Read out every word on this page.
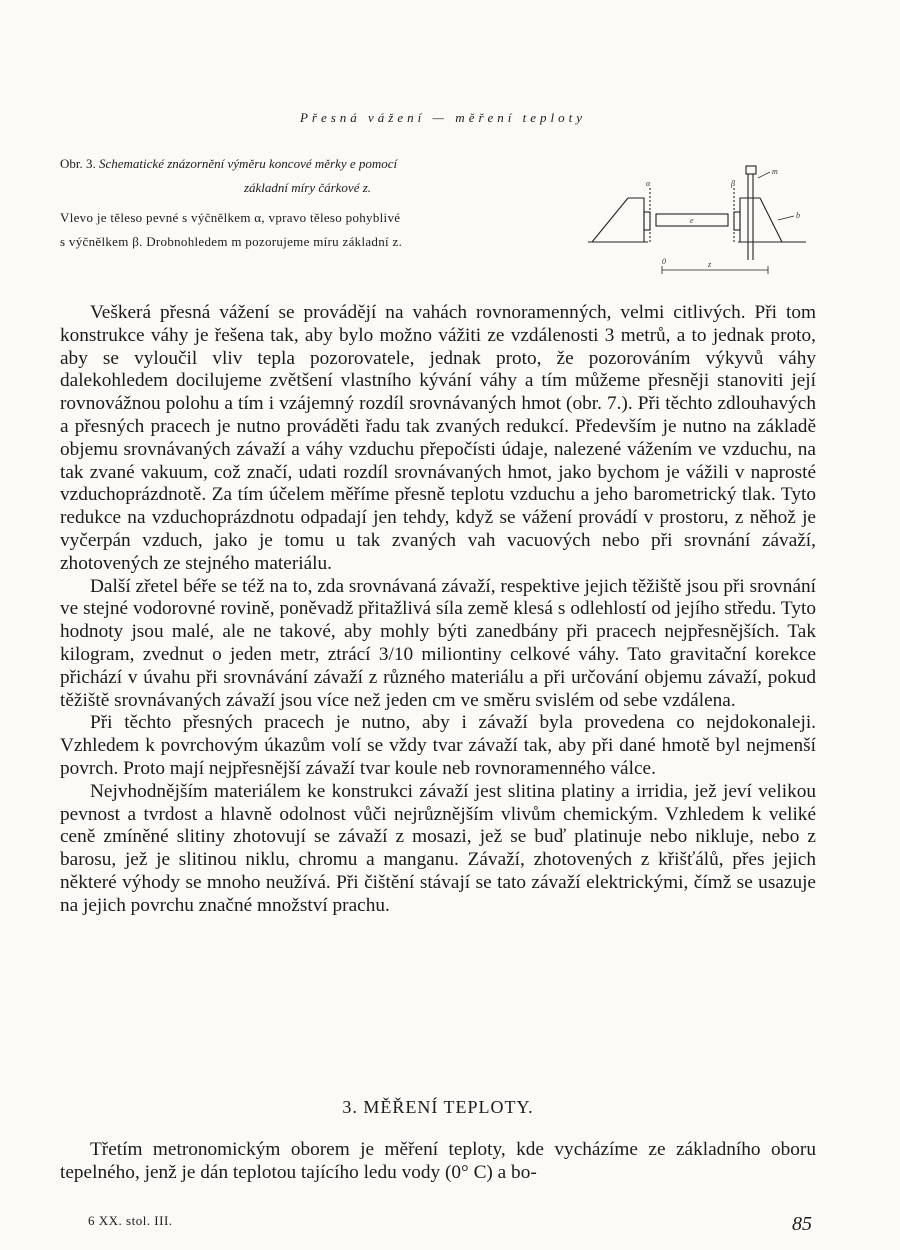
Přesná vážení — měření teploty
Obr. 3. Schematické znázornění výměru koncové měrky e pomocí
základní míry čárkové z.
Vlevo je těleso pevné s výčnělkem α, vpravo těleso pohyblivé
s výčnělkem β. Drobnohledem m pozorujeme míru základní z.
α	β
m
b
e
0	z

Veškerá přesná vážení se provádějí na vahách rovnoramenných, velmi citlivých. Při tom konstrukce váhy je řešena tak, aby bylo možno vážiti ze vzdálenosti 3 metrů, a to jednak proto, aby se vyloučil vliv tepla pozorovatele, jednak proto, že pozorováním výkyvů váhy dalekohledem docilujeme zvětšení vlastního kývání váhy a tím můžeme přesněji stanoviti její rovnovážnou polohu a tím i vzájemný rozdíl srovnávaných hmot (obr. 7.). Při těchto zdlouhavých a přesných pracech je nutno prováděti řadu tak zvaných redukcí. Především je nutno na základě objemu srovnávaných závaží a váhy vzduchu přepočísti údaje, nalezené vážením ve vzduchu, na tak zvané vakuum, což značí, udati rozdíl srovnávaných hmot, jako bychom je vážili v naprosté vzduchoprázdnotě. Za tím účelem měříme přesně teplotu vzduchu a jeho barometrický tlak. Tyto redukce na vzduchoprázdnotu odpadají jen tehdy, když se vážení provádí v prostoru, z něhož je vyčerpán vzduch, jako je tomu u tak zvaných vah vacuových nebo při srovnání závaží, zhotovených ze stejného materiálu.

Další zřetel béře se též na to, zda srovnávaná závaží, respektive jejich těžiště jsou při srovnání ve stejné vodorovné rovině, poněvadž přitažlivá síla země klesá s odlehlostí od jejího středu. Tyto hodnoty jsou malé, ale ne takové, aby mohly býti zanedbány při pracech nejpřesnějších. Tak kilogram, zvednut o jeden metr, ztrácí 3/10 miliontiny celkové váhy. Tato gravitační korekce přichází v úvahu při srovnávání závaží z různého materiálu a při určování objemu závaží, pokud těžiště srovnávaných závaží jsou více než jeden cm ve směru svislém od sebe vzdálena.

Při těchto přesných pracech je nutno, aby i závaží byla provedena co nejdokonaleji. Vzhledem k povrchovým úkazům volí se vždy tvar závaží tak, aby při dané hmotě byl nejmenší povrch. Proto mají nejpřesnější závaží tvar koule neb rovnoramenného válce.

Nejvhodnějším materiálem ke konstrukci závaží jest slitina platiny a irridia, jež jeví velikou pevnost a tvrdost a hlavně odolnost vůči nejrůznějším vlivům chemickým. Vzhledem k veliké ceně zmíněné slitiny zhotovují se závaží z mosazi, jež se buď platinuje nebo nikluje, nebo z barosu, jež je slitinou niklu, chromu a manganu. Závaží, zhotovených z křišťálů, přes jejich některé výhody se mnoho neužívá. Při čištění stávají se tato závaží elektrickými, čímž se usazuje na jejich povrchu značné množství prachu.

3. MĚŘENÍ TEPLOTY.

Třetím metronomickým oborem je měření teploty, kde vycházíme ze základního oboru tepelného, jenž je dán teplotou tajícího ledu vody (0° C) a bo-

6 XX. stol. III.	85
